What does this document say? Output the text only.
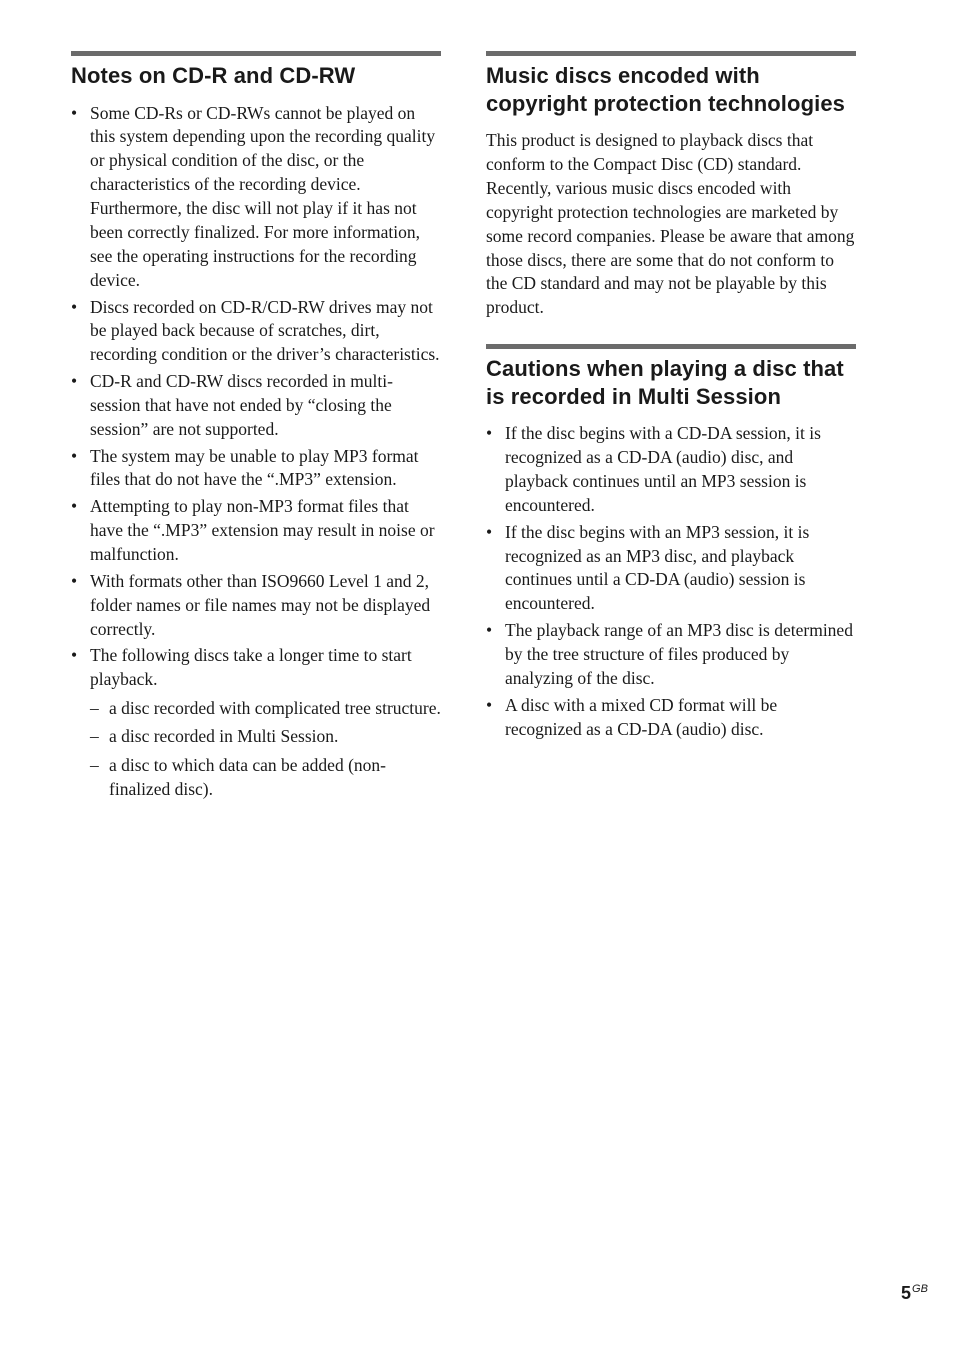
Notes on CD-R and CD-RW
• Some CD-Rs or CD-RWs cannot be played on this system depending upon the recording quality or physical condition of the disc, or the characteristics of the recording device. Furthermore, the disc will not play if it has not been correctly finalized. For more information, see the operating instructions for the recording device.
• Discs recorded on CD-R/CD-RW drives may not be played back because of scratches, dirt, recording condition or the driver’s characteristics.
• CD-R and CD-RW discs recorded in multi-session that have not ended by “closing the session” are not supported.
• The system may be unable to play MP3 format files that do not have the “.MP3” extension.
• Attempting to play non-MP3 format files that have the “.MP3” extension may result in noise or malfunction.
• With formats other than ISO9660 Level 1 and 2, folder names or file names may not be displayed correctly.
• The following discs take a longer time to start playback.
– a disc recorded with complicated tree structure.
– a disc recorded in Multi Session.
– a disc to which data can be added (non-finalized disc).
Music discs encoded with copyright protection technologies

This product is designed to playback discs that conform to the Compact Disc (CD) standard. Recently, various music discs encoded with copyright protection technologies are marketed by some record companies. Please be aware that among those discs, there are some that do not conform to the CD standard and may not be playable by this product.

Cautions when playing a disc that is recorded in Multi Session
• If the disc begins with a CD-DA session, it is recognized as a CD-DA (audio) disc, and playback continues until an MP3 session is encountered.
• If the disc begins with an MP3 session, it is recognized as an MP3 disc, and playback continues until a CD-DA (audio) session is encountered.
• The playback range of an MP3 disc is determined by the tree structure of files produced by analyzing of the disc.
• A disc with a mixed CD format will be recognized as a CD-DA (audio) disc.
$5^{GB}$
